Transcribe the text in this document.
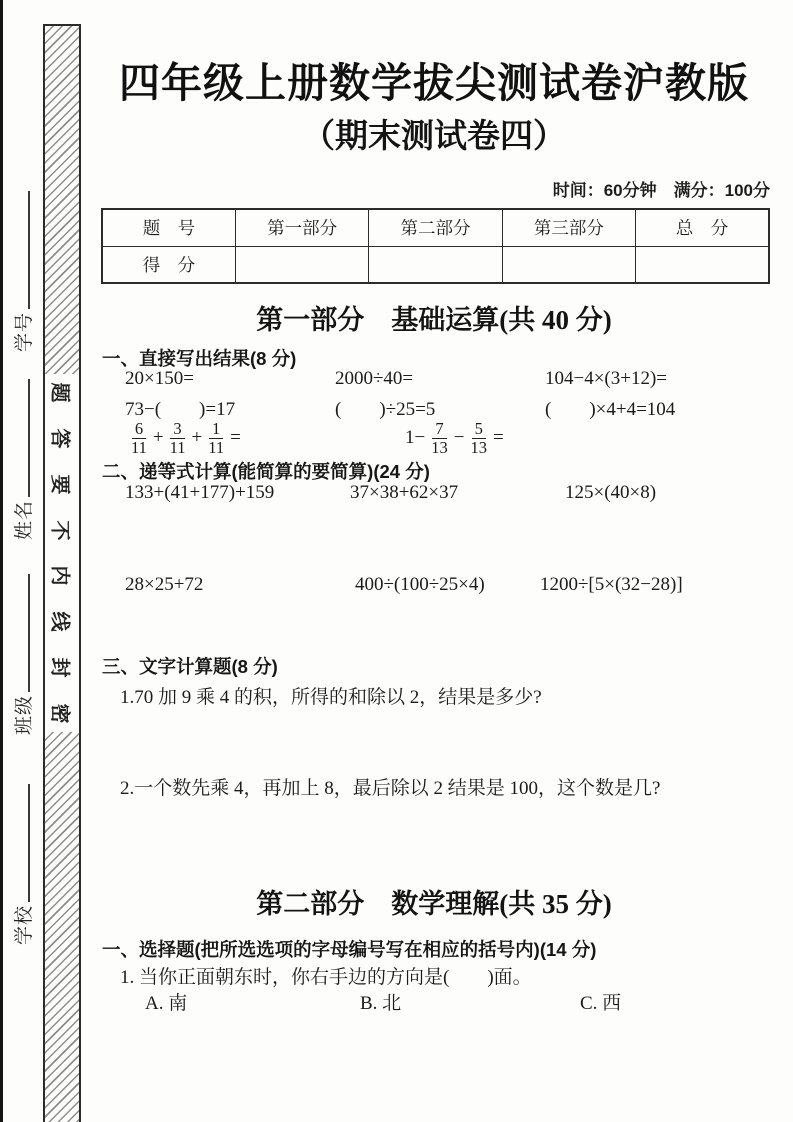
题
答
要
不
内
线
封
密
学号
姓名
班级
学校
四年级上册数学拔尖测试卷沪教版
（期末测试卷四）
时间：60分钟　满分：100分
题　号	第一部分	第二部分	第三部分	总　分
得　分				
第一部分　基础运算(共 40 分)
一、直接写出结果(8 分)
20×150=	2000÷40=	104−4×(3+12)=
73−(　　)=17	(　　)÷25=5	(　　)×4+4=104
$\frac{6}{11} + \frac{3}{11} + \frac{1}{11}$ =	$1- \frac{7}{13} - \frac{5}{13}$ =
二、递等式计算(能简算的要简算)(24 分)
133+(41+177)+159	37×38+62×37	125×(40×8)
28×25+72	400÷(100÷25×4)	1200÷[5×(32−28)]
三、文字计算题(8 分)
1.70 加 9 乘 4 的积，所得的和除以 2，结果是多少?
2.一个数先乘 4，再加上 8，最后除以 2 结果是 100，这个数是几?
第二部分　数学理解(共 35 分)
一、选择题(把所选选项的字母编号写在相应的括号内)(14 分)
1. 当你正面朝东时，你右手边的方向是(　　)面。
A. 南	B. 北	C. 西
